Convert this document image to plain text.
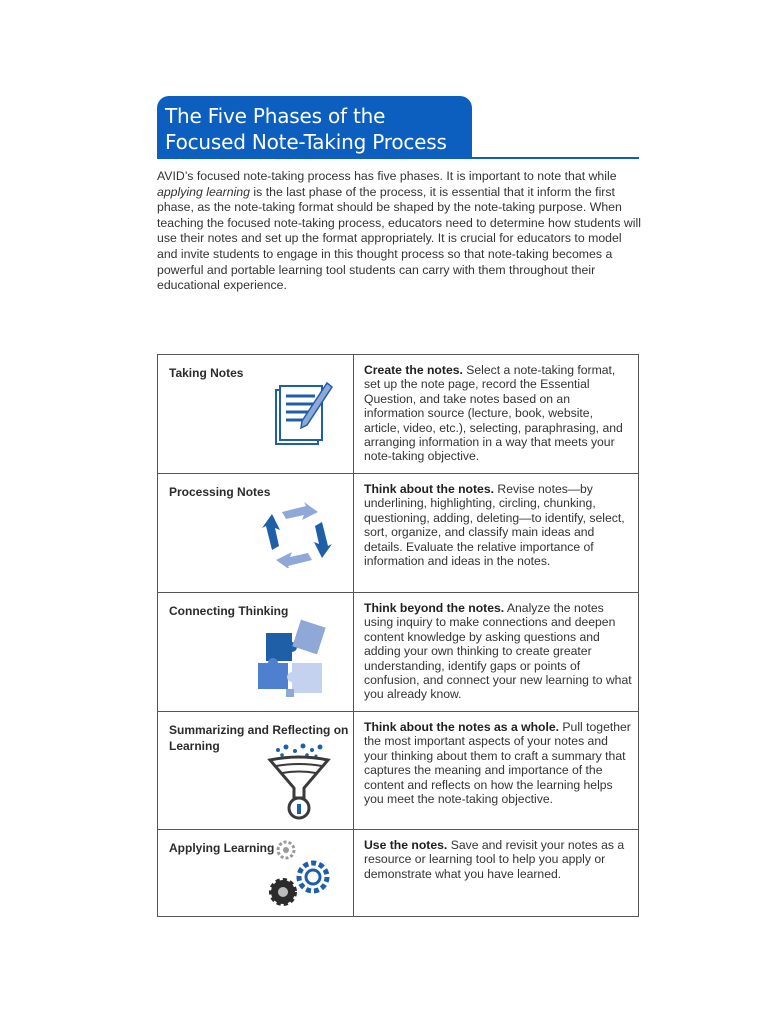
The Five Phases of the
Focused Note-Taking Process
AVID’s focused note-taking process has five phases. It is important to note that while applying learning is the last phase of the process, it is essential that it inform the first phase, as the note-taking format should be shaped by the note-taking purpose. When teaching the focused note-taking process, educators need to determine how students will use their notes and set up the format appropriately. It is crucial for educators to model and invite students to engage in this thought process so that note-taking becomes a powerful and portable learning tool students can carry with them throughout their educational experience.
Taking Notes	Create the notes. Select a note-taking format, set up the note page, record the Essential Question, and take notes based on an information source (lecture, book, website, article, video, etc.), selecting, paraphrasing, and arranging information in a way that meets your note-taking objective.

Processing Notes	Think about the notes. Revise notes—by underlining, highlighting, circling, chunking, questioning, adding, deleting—to identify, select, sort, organize, and classify main ideas and details. Evaluate the relative importance of information and ideas in the notes.

Connecting Thinking	Think beyond the notes. Analyze the notes using inquiry to make connections and deepen content knowledge by asking questions and adding your own thinking to create greater understanding, identify gaps or points of confusion, and connect your new learning to what you already know.

Summarizing and Reflecting on Learning	Think about the notes as a whole. Pull together the most important aspects of your notes and your thinking about them to craft a summary that captures the meaning and importance of the content and reflects on how the learning helps you meet the note-taking objective.

Applying Learning	Use the notes. Save and revisit your notes as a resource or learning tool to help you apply or demonstrate what you have learned.
